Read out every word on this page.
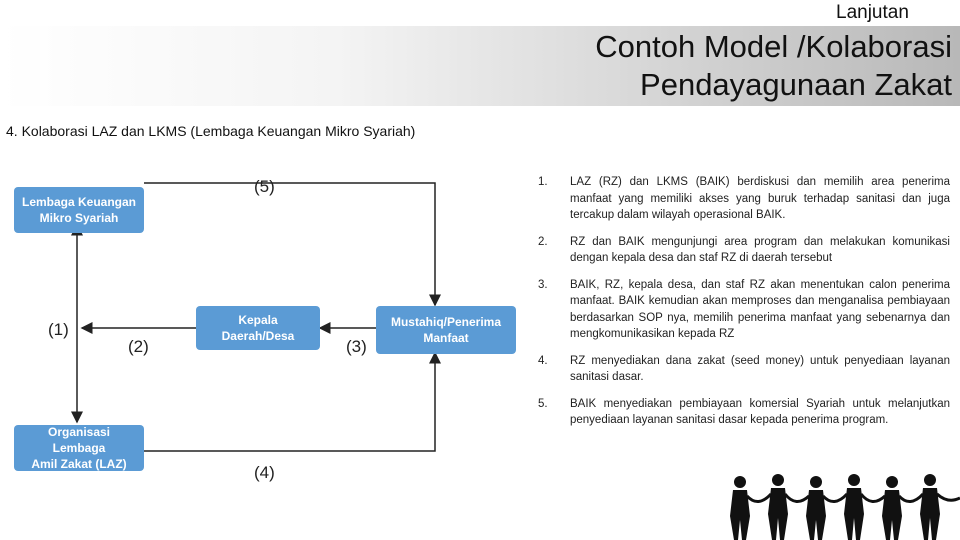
Lanjutan
Contoh Model /Kolaborasi
Pendayagunaan Zakat
4. Kolaborasi LAZ dan LKMS (Lembaga Keuangan Mikro Syariah)
Lembaga Keuangan
Mikro Syariah
Kepala Daerah/Desa
Mustahiq/Penerima
Manfaat
Organisasi Lembaga
Amil Zakat (LAZ)
(5)
(1)
(2)	(3)
(4)
1.	LAZ (RZ) dan LKMS (BAIK) berdiskusi dan memilih area penerima manfaat yang memiliki akses yang buruk terhadap sanitasi dan juga tercakup dalam wilayah operasional BAIK.
2.	RZ dan BAIK mengunjungi area program dan melakukan komunikasi dengan kepala desa dan staf RZ di daerah tersebut
3.	BAIK, RZ, kepala desa, dan staf RZ akan menentukan calon penerima manfaat. BAIK kemudian akan memproses dan menganalisa pembiayaan berdasarkan SOP nya, memilih penerima manfaat yang sebenarnya dan mengkomunikasikan kepada RZ
4.	RZ menyediakan dana zakat (seed money) untuk penyediaan layanan sanitasi dasar.
5.	BAIK menyediakan pembiayaan komersial Syariah untuk melanjutkan penyediaan layanan sanitasi dasar kepada penerima program.
